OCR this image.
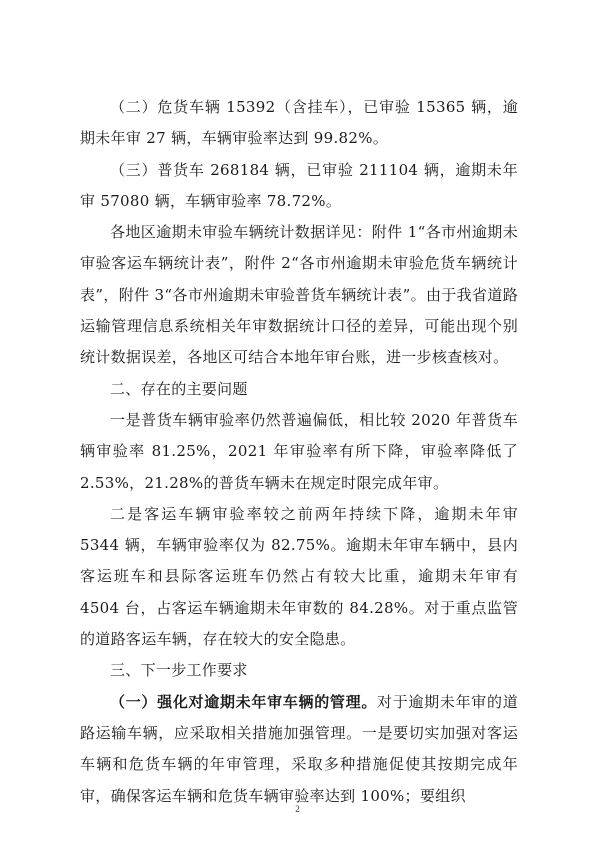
（二）危货车辆 15392（含挂车），已审验 15365 辆，逾期未年审 27 辆，车辆审验率达到 99.82%。

（三）普货车 268184 辆，已审验 211104 辆，逾期未年审 57080 辆，车辆审验率 78.72%。

各地区逾期未审验车辆统计数据详见：附件 1“各市州逾期未审验客运车辆统计表”，附件 2“各市州逾期未审验危货车辆统计表”，附件 3“各市州逾期未审验普货车辆统计表”。由于我省道路运输管理信息系统相关年审数据统计口径的差异，可能出现个别统计数据误差，各地区可结合本地年审台账，进一步核查核对。

二、存在的主要问题

一是普货车辆审验率仍然普遍偏低，相比较 2020 年普货车辆审验率 81.25%，2021 年审验率有所下降，审验率降低了 2.53%，21.28%的普货车辆未在规定时限完成年审。

二是客运车辆审验率较之前两年持续下降，逾期未年审 5344 辆，车辆审验率仅为 82.75%。逾期未年审车辆中，县内客运班车和县际客运班车仍然占有较大比重，逾期未年审有 4504 台，占客运车辆逾期未年审数的 84.28%。对于重点监管的道路客运车辆，存在较大的安全隐患。

三、下一步工作要求

（一）强化对逾期未年审车辆的管理。对于逾期未年审的道路运输车辆，应采取相关措施加强管理。一是要切实加强对客运车辆和危货车辆的年审管理，采取多种措施促使其按期完成年审，确保客运车辆和危货车辆审验率达到 100%；要组织

2
